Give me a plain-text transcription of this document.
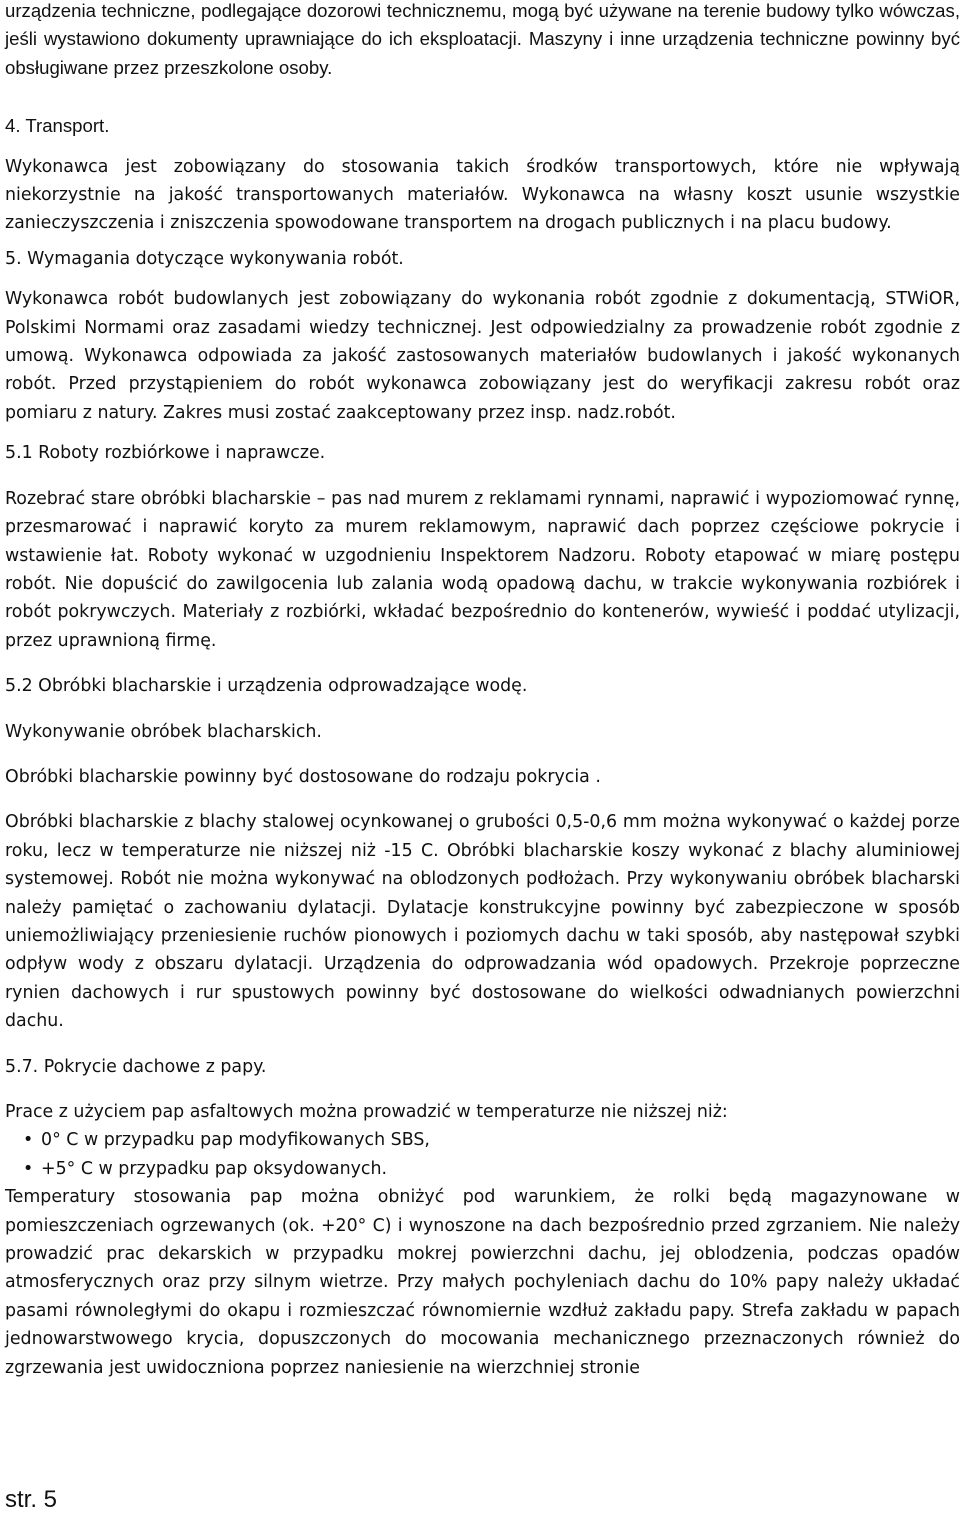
urządzenia techniczne, podlegające dozorowi technicznemu, mogą być używane na terenie budowy tylko wówczas, jeśli wystawiono dokumenty uprawniające do ich eksploatacji. Maszyny i inne urządzenia techniczne powinny być obsługiwane przez przeszkolone osoby.

4. Transport.

Wykonawca jest zobowiązany do stosowania takich środków transportowych, które nie wpływają niekorzystnie na jakość transportowanych materiałów. Wykonawca na własny koszt usunie wszystkie zanieczyszczenia i zniszczenia spowodowane transportem na drogach publicznych i na placu budowy.

5. Wymagania dotyczące wykonywania robót.

Wykonawca robót budowlanych jest zobowiązany do wykonania robót zgodnie z dokumentacją, STWiOR, Polskimi Normami oraz zasadami wiedzy technicznej. Jest odpowiedzialny za prowadzenie robót zgodnie z umową. Wykonawca odpowiada za jakość zastosowanych materiałów budowlanych i jakość wykonanych robót. Przed przystąpieniem do robót wykonawca zobowiązany jest do weryfikacji zakresu robót oraz pomiaru z natury. Zakres musi zostać zaakceptowany przez insp. nadz.robót.

5.1 Roboty rozbiórkowe i naprawcze.

Rozebrać stare obróbki blacharskie – pas nad murem z reklamami rynnami, naprawić i wypoziomować rynnę, przesmarować i naprawić koryto za murem reklamowym, naprawić dach poprzez częściowe pokrycie i wstawienie łat. Roboty wykonać w uzgodnieniu Inspektorem Nadzoru. Roboty etapować w miarę postępu robót. Nie dopuścić do zawilgocenia lub zalania wodą opadową dachu, w trakcie wykonywania rozbiórek i robót pokrywczych. Materiały z rozbiórki, wkładać bezpośrednio do kontenerów, wywieść i poddać utylizacji, przez uprawnioną firmę.

5.2 Obróbki blacharskie i urządzenia odprowadzające wodę.

Wykonywanie obróbek blacharskich.

Obróbki blacharskie powinny być dostosowane do rodzaju pokrycia .

Obróbki blacharskie z blachy stalowej ocynkowanej o grubości 0,5-0,6 mm można wykonywać o każdej porze roku, lecz w temperaturze nie niższej niż -15 C. Obróbki blacharskie koszy wykonać z blachy aluminiowej systemowej. Robót nie można wykonywać na oblodzonych podłożach. Przy wykonywaniu obróbek blacharski należy pamiętać o zachowaniu dylatacji. Dylatacje konstrukcyjne powinny być zabezpieczone w sposób uniemożliwiający przeniesienie ruchów pionowych i poziomych dachu w taki sposób, aby następował szybki odpływ wody z obszaru dylatacji. Urządzenia do odprowadzania wód opadowych. Przekroje poprzeczne rynien dachowych i rur spustowych powinny być dostosowane do wielkości odwadnianych powierzchni dachu.

5.7. Pokrycie dachowe z papy.

Prace z użyciem pap asfaltowych można prowadzić w temperaturze nie niższej niż:

• 0° C w przypadku pap modyfikowanych SBS,
• +5° C w przypadku pap oksydowanych.

Temperatury stosowania pap można obniżyć pod warunkiem, że rolki będą magazynowane w pomieszczeniach ogrzewanych (ok. +20° C) i wynoszone na dach bezpośrednio przed zgrzaniem. Nie należy prowadzić prac dekarskich w przypadku mokrej powierzchni dachu, jej oblodzenia, podczas opadów atmosferycznych oraz przy silnym wietrze. Przy małych pochyleniach dachu do 10% papy należy układać pasami równoległymi do okapu i rozmieszczać równomiernie wzdłuż zakładu papy. Strefa zakładu w papach jednowarstwowego krycia, dopuszczonych do mocowania mechanicznego przeznaczonych również do zgrzewania jest uwidoczniona poprzez naniesienie na wierzchniej stronie

str. 5
